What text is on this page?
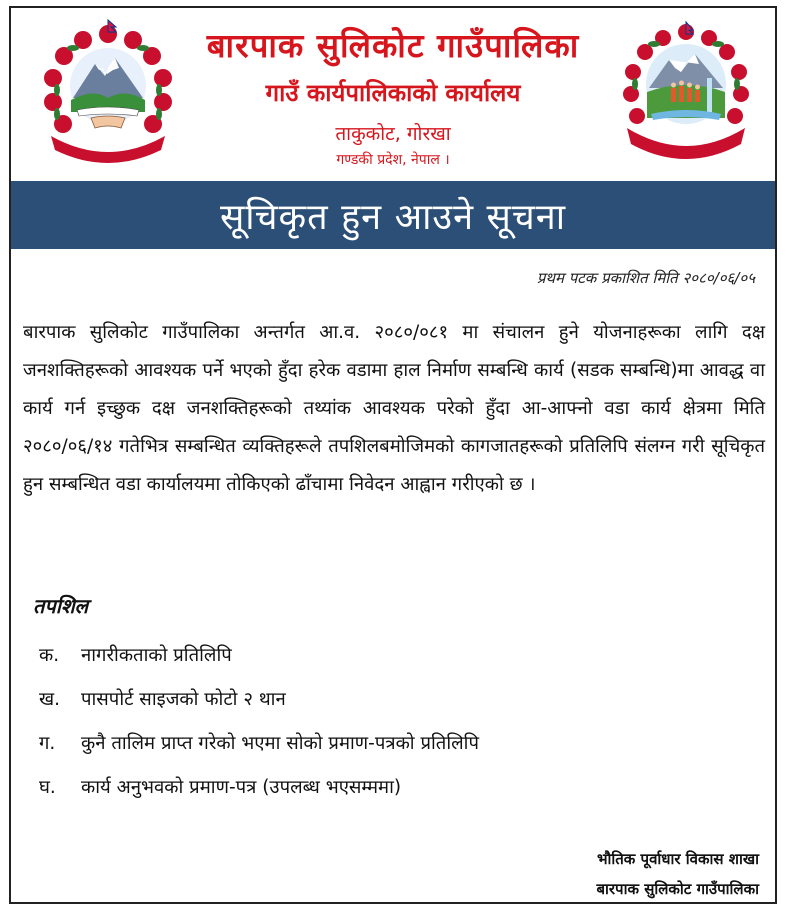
बारपाक सुलिकोट गाउँपालिका
गाउँ कार्यपालिकाको कार्यालय
ताकुकोट, गोरखा
गण्डकी प्रदेश, नेपाल ।
सूचिकृत हुन आउने सूचना
प्रथम पटक प्रकाशित मिति २०८०/०६/०५

बारपाक सुलिकोट गाउँपालिका अन्तर्गत आ.व. २०८०/०८१ मा संचालन हुने योजनाहरूका लागि दक्ष जनशक्तिहरूको आवश्यक पर्ने भएको हुँदा हरेक वडामा हाल निर्माण सम्बन्धि कार्य (सडक सम्बन्धि)मा आवद्ध वा कार्य गर्न इच्छुक दक्ष जनशक्तिहरूको तथ्यांक आवश्यक परेको हुँदा आ-आफ्नो वडा कार्य क्षेत्रमा मिति २०८०/०६/१४ गतेभित्र सम्बन्धित व्यक्तिहरूले तपशिलबमोजिमको कागजातहरूको प्रतिलिपि संलग्न गरी सूचिकृत हुन सम्बन्धित वडा कार्यालयमा तोकिएको ढाँचामा निवेदन आह्वान गरीएको छ ।

तपशिल
क.	नागरीकताको प्रतिलिपि
ख.	पासपोर्ट साइजको फोटो २ थान
ग.	कुनै तालिम प्राप्त गरेको भएमा सोको प्रमाण-पत्रको प्रतिलिपि
घ.	कार्य अनुभवको प्रमाण-पत्र (उपलब्ध भएसम्ममा)
भौतिक पूर्वाधार विकास शाखा
बारपाक सुलिकोट गाउँपालिका
